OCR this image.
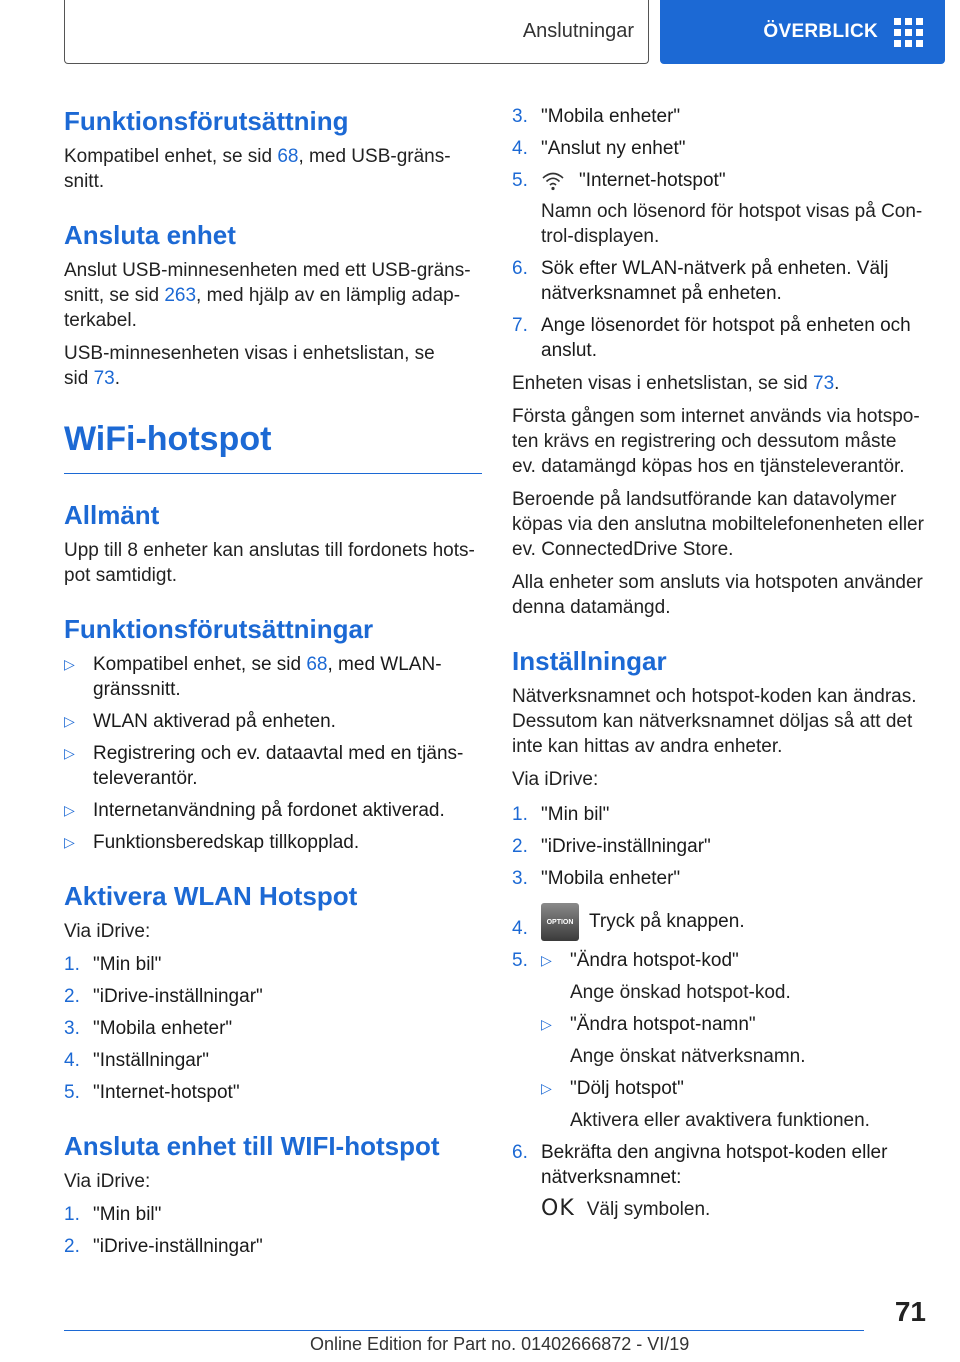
Anslutningar	ÖVERBLICK
Funktionsförutsättning

Kompatibel enhet, se sid 68, med USB-gräns-
snitt.

Ansluta enhet

Anslut USB-minnesenheten med ett USB-gräns-
snitt, se sid 263, med hjälp av en lämplig adap-
terkabel.

USB-minnesenheten visas i enhetslistan, se
sid 73.

WiFi-hotspot
Allmänt

Upp till 8 enheter kan anslutas till fordonets hots-
pot samtidigt.

Funktionsförutsättningar
▷ Kompatibel enhet, se sid 68, med WLAN-
gränssnitt.
▷ WLAN aktiverad på enheten.
▷ Registrering och ev. dataavtal med en tjäns-
televerantör.
▷ Internetanvändning på fordonet aktiverad.
▷ Funktionsberedskap tillkopplad.
Aktivera WLAN Hotspot

Via iDrive:

1. "Min bil"
2. "iDrive-inställningar"
3. "Mobila enheter"
4. "Inställningar"
5. "Internet-hotspot"
Ansluta enhet till WIFI-hotspot

Via iDrive:

1. "Min bil"
2. "iDrive-inställningar"
3. "Mobila enheter"
4. "Anslut ny enhet"
5.	"Internet-hotspot"

Namn och lösenord för hotspot visas på Con-
trol-displayen.

6. Sök efter WLAN-nätverk på enheten. Välj
nätverksnamnet på enheten.
7. Ange lösenordet för hotspot på enheten och
anslut.

Enheten visas i enhetslistan, se sid 73.

Första gången som internet används via hotspo-
ten krävs en registrering och dessutom måste
ev. datamängd köpas hos en tjänsteleverantör.

Beroende på landsutförande kan datavolymer
köpas via den anslutna mobiltelefonenheten eller
ev. ConnectedDrive Store.

Alla enheter som ansluts via hotspoten använder
denna datamängd.

Inställningar

Nätverksnamnet och hotspot-koden kan ändras.
Dessutom kan nätverksnamnet döljas så att det
inte kan hittas av andra enheter.

Via iDrive:

1. "Min bil"
2. "iDrive-inställningar"
3. "Mobila enheter"
4.	OPTION Tryck på knappen.
5. ▷ "Ändra hotspot-kod"

Ange önskad hotspot-kod.

▷ "Ändra hotspot-namn"

Ange önskat nätverksnamn.

▷ "Dölj hotspot"

Aktivera eller avaktivera funktionen.

6. Bekräfta den angivna hotspot-koden eller
nätverksnamnet:

OK Välj symbolen.

71
Online Edition for Part no. 01402666872 - VI/19
